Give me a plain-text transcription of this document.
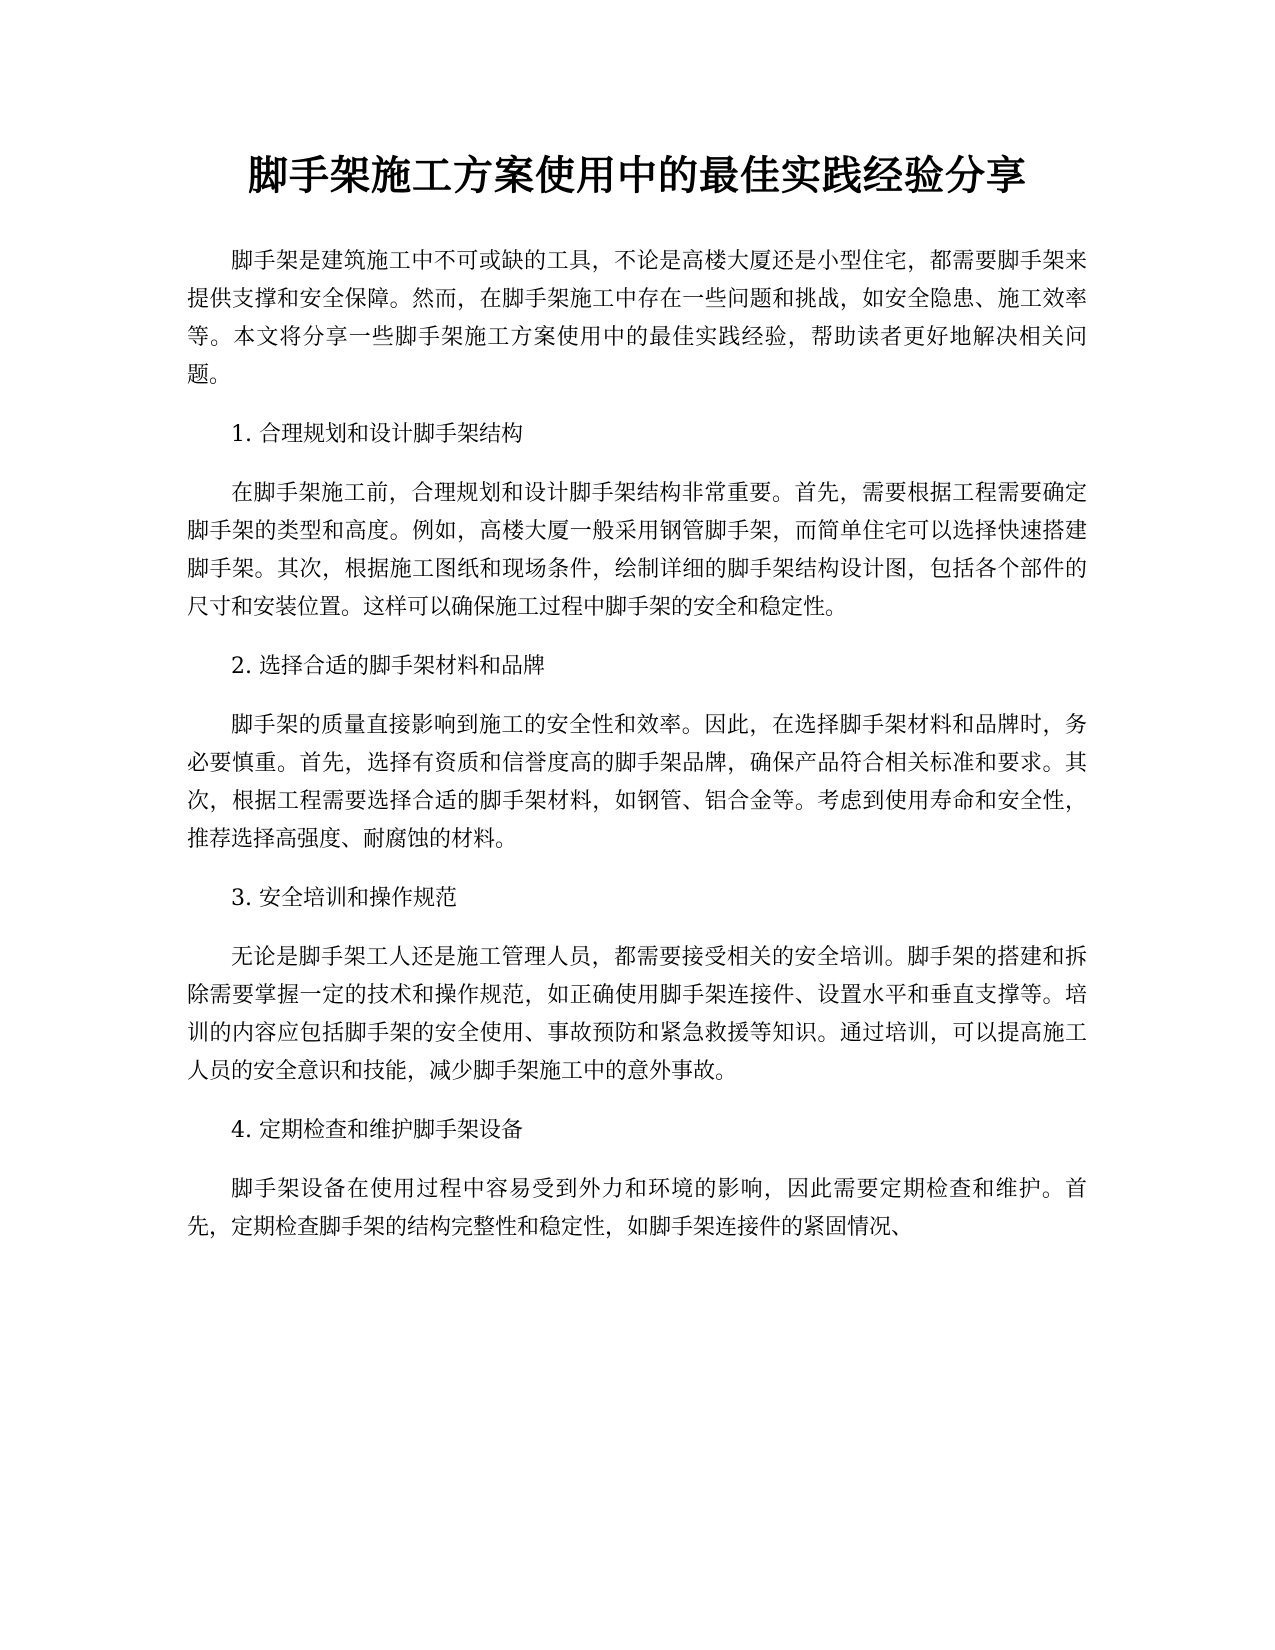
脚手架施工方案使用中的最佳实践经验分享

脚手架是建筑施工中不可或缺的工具，不论是高楼大厦还是小型住宅，都需要脚手架来提供支撑和安全保障。然而，在脚手架施工中存在一些问题和挑战，如安全隐患、施工效率等。本文将分享一些脚手架施工方案使用中的最佳实践经验，帮助读者更好地解决相关问题。

1. 合理规划和设计脚手架结构

在脚手架施工前，合理规划和设计脚手架结构非常重要。首先，需要根据工程需要确定脚手架的类型和高度。例如，高楼大厦一般采用钢管脚手架，而简单住宅可以选择快速搭建脚手架。其次，根据施工图纸和现场条件，绘制详细的脚手架结构设计图，包括各个部件的尺寸和安装位置。这样可以确保施工过程中脚手架的安全和稳定性。

2. 选择合适的脚手架材料和品牌

脚手架的质量直接影响到施工的安全性和效率。因此，在选择脚手架材料和品牌时，务必要慎重。首先，选择有资质和信誉度高的脚手架品牌，确保产品符合相关标准和要求。其次，根据工程需要选择合适的脚手架材料，如钢管、铝合金等。考虑到使用寿命和安全性，推荐选择高强度、耐腐蚀的材料。

3. 安全培训和操作规范

无论是脚手架工人还是施工管理人员，都需要接受相关的安全培训。脚手架的搭建和拆除需要掌握一定的技术和操作规范，如正确使用脚手架连接件、设置水平和垂直支撑等。培训的内容应包括脚手架的安全使用、事故预防和紧急救援等知识。通过培训，可以提高施工人员的安全意识和技能，减少脚手架施工中的意外事故。

4. 定期检查和维护脚手架设备

脚手架设备在使用过程中容易受到外力和环境的影响，因此需要定期检查和维护。首先，定期检查脚手架的结构完整性和稳定性，如脚手架连接件的紧固情况、
